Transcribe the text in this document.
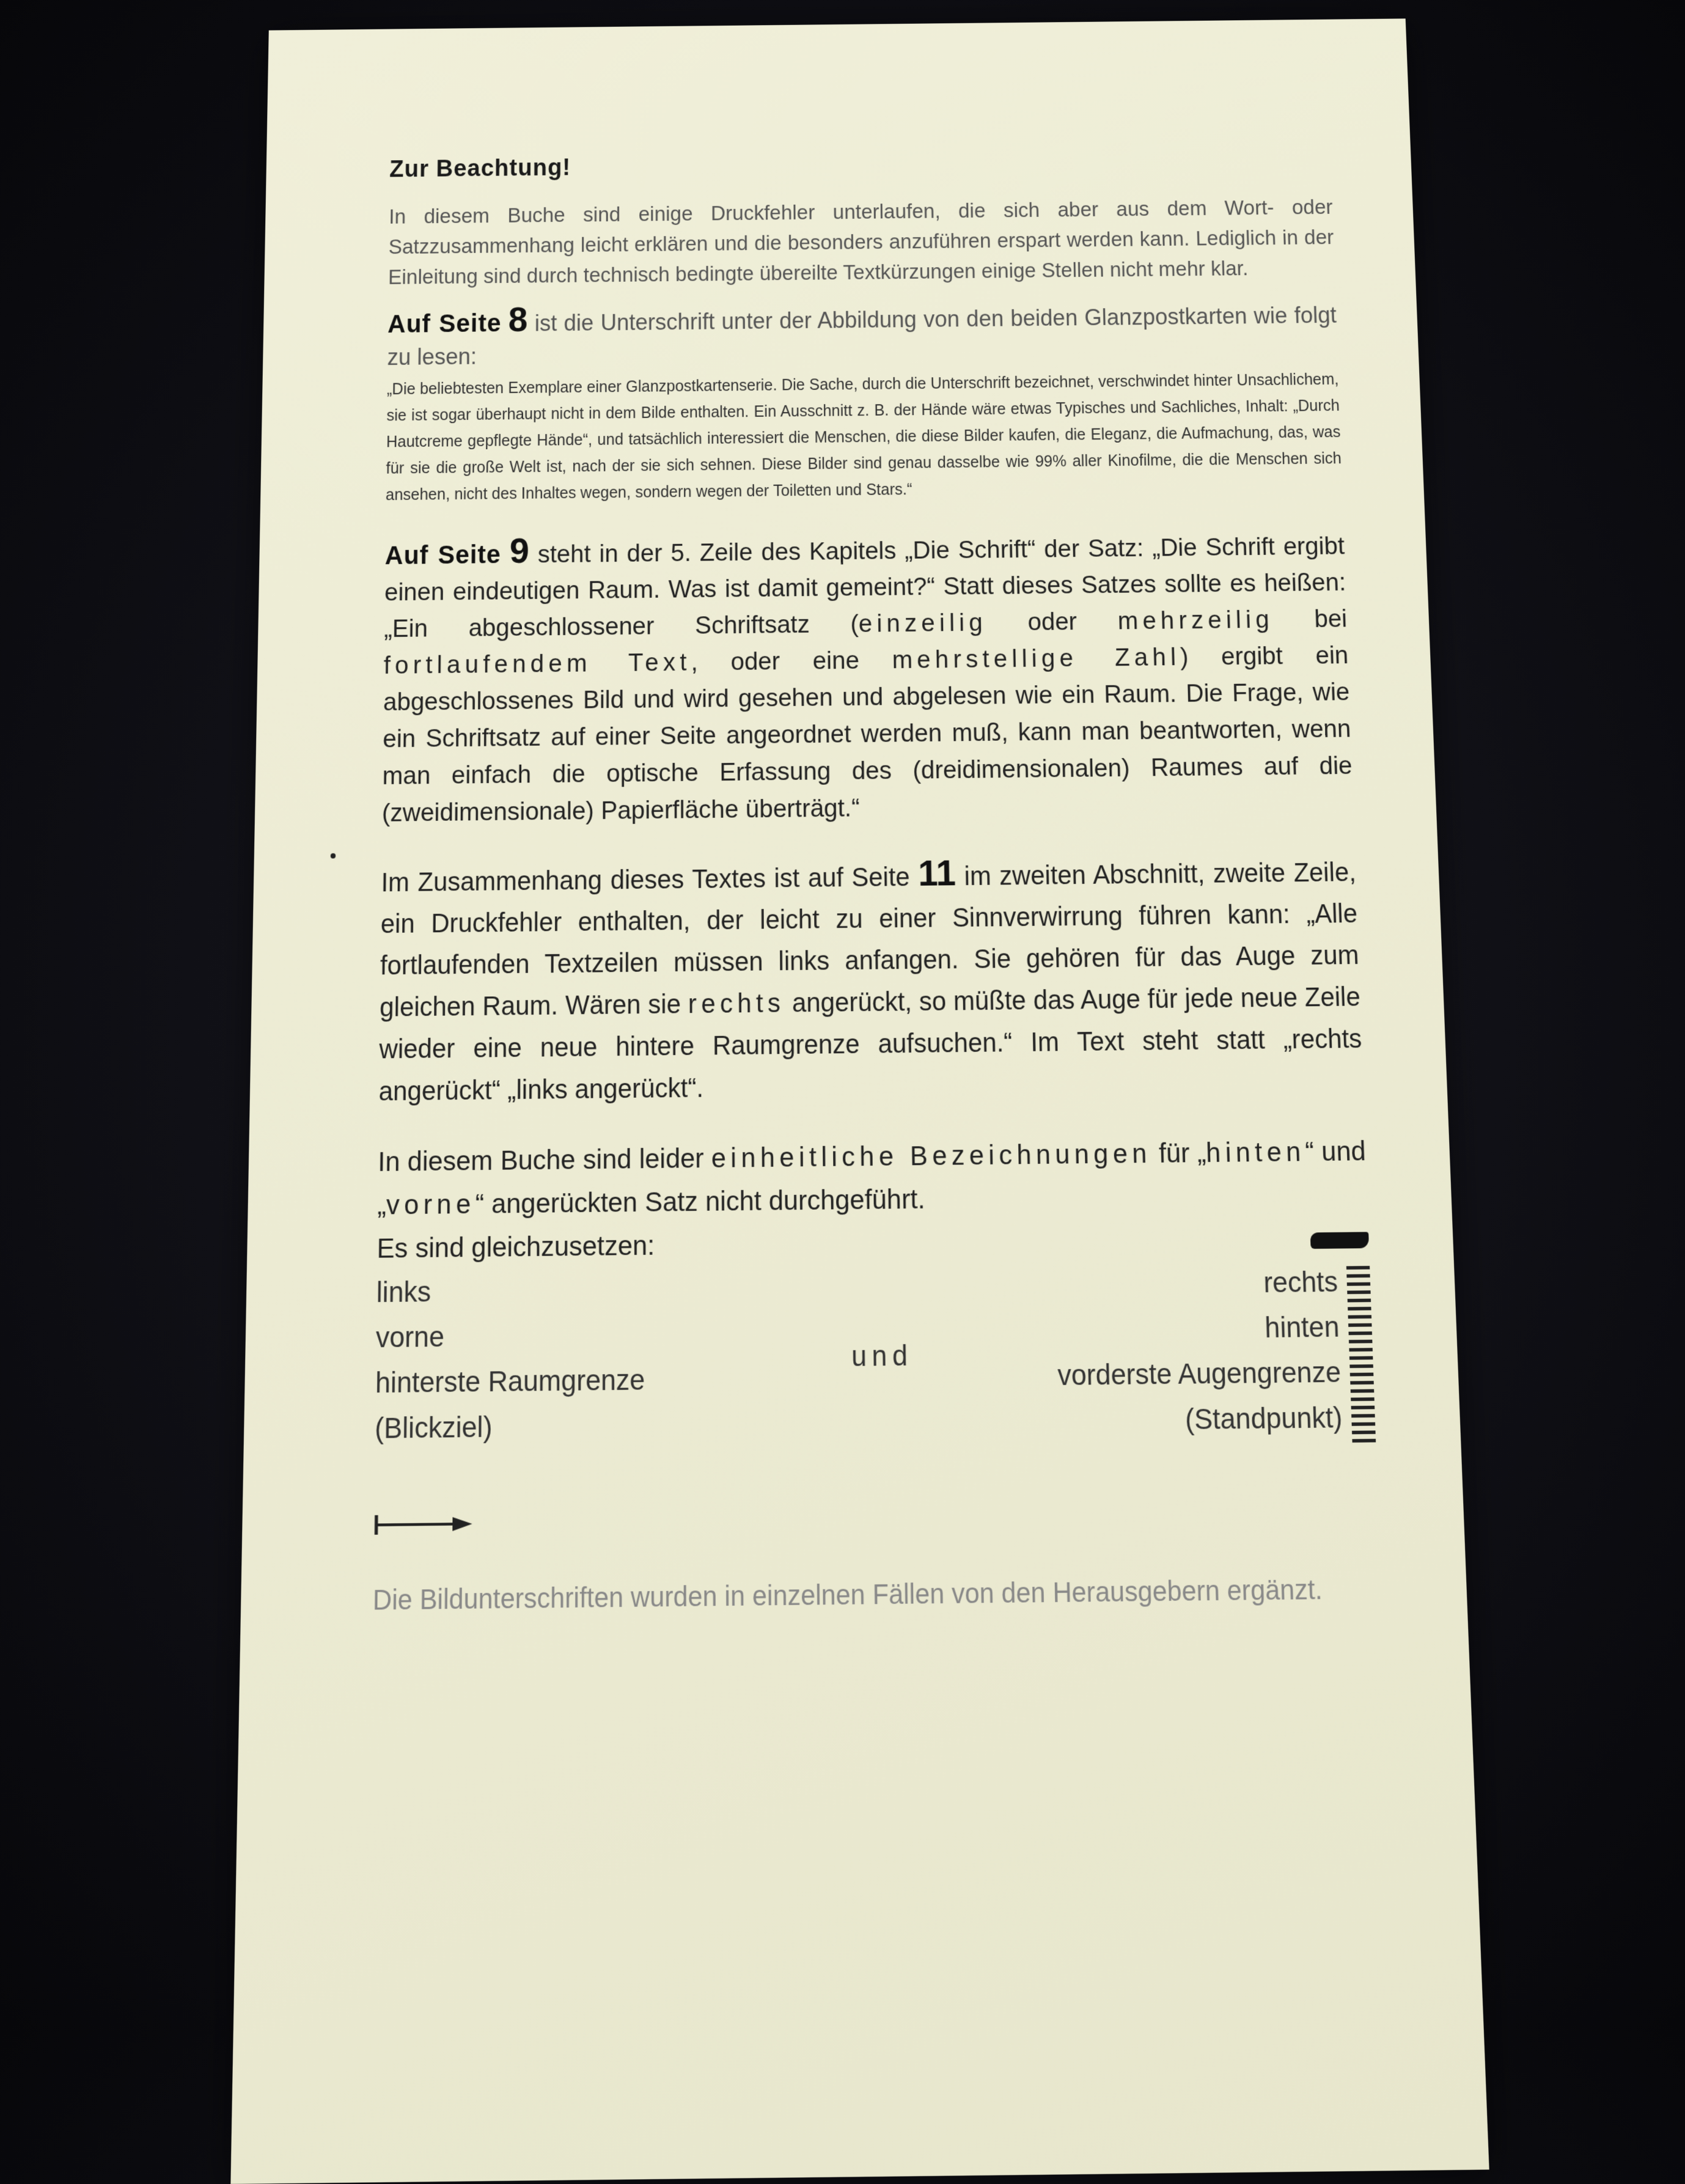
Zur Beachtung!

In diesem Buche sind einige Druckfehler unterlaufen, die sich aber aus dem Wort- oder Satzzusammenhang leicht erklären und die besonders anzuführen erspart werden kann. Lediglich in der Einleitung sind durch technisch bedingte übereilte Textkürzungen einige Stellen nicht mehr klar.

Auf Seite 8 ist die Unterschrift unter der Abbildung von den beiden Glanzpostkarten wie folgt zu lesen:

„Die beliebtesten Exemplare einer Glanzpostkartenserie. Die Sache, durch die Unterschrift bezeichnet, verschwindet hinter Unsachlichem, sie ist sogar überhaupt nicht in dem Bilde enthalten. Ein Ausschnitt z. B. der Hände wäre etwas Typisches und Sachliches, Inhalt: „Durch Hautcreme gepflegte Hände“, und tatsächlich interessiert die Menschen, die diese Bilder kaufen, die Eleganz, die Aufmachung, das, was für sie die große Welt ist, nach der sie sich sehnen. Diese Bilder sind genau dasselbe wie 99% aller Kinofilme, die die Menschen sich ansehen, nicht des Inhaltes wegen, sondern wegen der Toiletten und Stars.“

Auf Seite 9 steht in der 5. Zeile des Kapitels „Die Schrift“ der Satz: „Die Schrift ergibt einen eindeutigen Raum. Was ist damit gemeint?“ Statt dieses Satzes sollte es heißen: „Ein abgeschlossener Schriftsatz (einzeilig oder mehrzeilig bei fortlaufendem Text, oder eine mehrstellige Zahl) ergibt ein abgeschlossenes Bild und wird gesehen und abgelesen wie ein Raum. Die Frage, wie ein Schriftsatz auf einer Seite angeordnet werden muß, kann man beantworten, wenn man einfach die optische Erfassung des (dreidimensionalen) Raumes auf die (zweidimensionale) Papierfläche überträgt.“

Im Zusammenhang dieses Textes ist auf Seite 11 im zweiten Abschnitt, zweite Zeile, ein Druckfehler enthalten, der leicht zu einer Sinnverwirrung führen kann: „Alle fortlaufenden Textzeilen müssen links anfangen. Sie gehören für das Auge zum gleichen Raum. Wären sie rechts angerückt, so müßte das Auge für jede neue Zeile wieder eine neue hintere Raumgrenze aufsuchen.“ Im Text steht statt „rechts angerückt“ „links angerückt“.

In diesem Buche sind leider einheitliche Bezeichnungen für „hinten“ und „vorne“ angerückten Satz nicht durchgeführt.
Es sind gleichzusetzen:

links
vorne
hinterste Raumgrenze
(Blickziel)
und
rechts
hinten
vorderste Augengrenze
(Standpunkt)

Die Bildunterschriften wurden in einzelnen Fällen von den Herausgebern ergänzt.
